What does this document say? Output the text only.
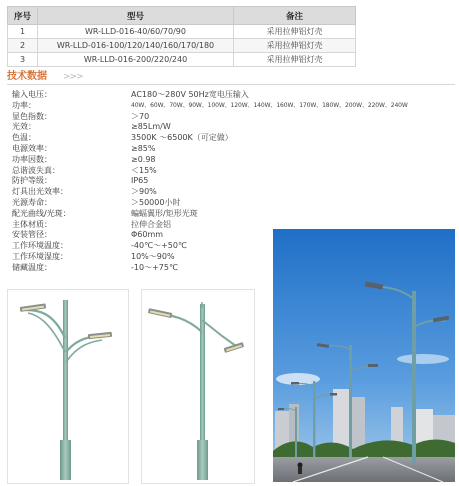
序号	型号	备注
1	WR-LLD-016-40/60/70/90	采用拉伸铝灯壳
2	WR-LLD-016-100/120/140/160/170/180	采用拉伸铝灯壳
3	WR-LLD-016-200/220/240	采用拉伸铝灯壳
技术数据 >>>
输入电压：	AC180～280V 50Hz宽电压输入
功率：	40W、60W、70W、90W、100W、120W、140W、160W、170W、180W、200W、220W、240W
显色指数：	＞70
光效：	≥85Lm/W
色温：	3500K ～6500K（可定做）
电源效率：	≥85%
功率因数：	≥0.98
总谐波失真：	＜15%
防护等级：	IP65
灯具出光效率：	＞90%
光源寿命：	＞50000小时
配光曲线/光斑：	蝙蝠翼形/矩形光斑
主体材质：	拉伸合金铝
安装管径：	Φ60mm
工作环境温度：	-40℃～+50℃
工作环境湿度：	10%～90%
储藏温度：	-10～+75℃
